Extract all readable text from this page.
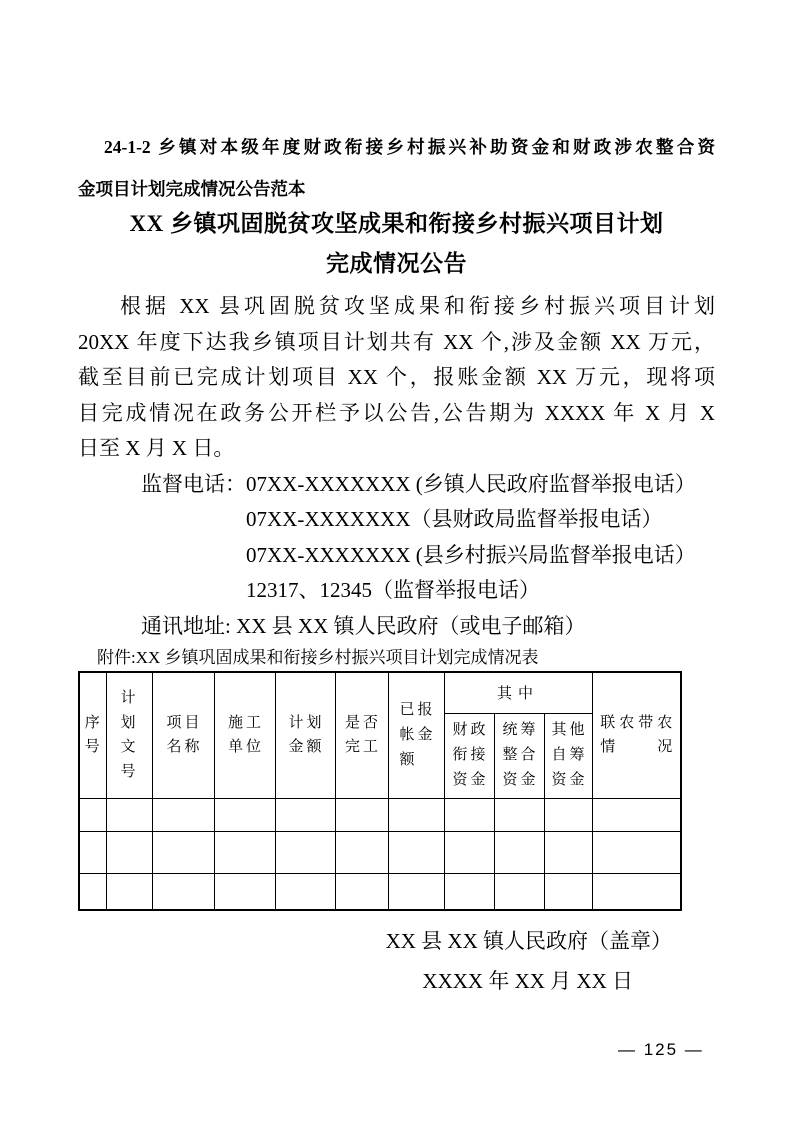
24-1-2 乡镇对本级年度财政衔接乡村振兴补助资金和财政涉农整合资
金项目计划完成情况公告范本
XX 乡镇巩固脱贫攻坚成果和衔接乡村振兴项目计划
完成情况公告
根据 XX 县巩固脱贫攻坚成果和衔接乡村振兴项目计划
20XX 年度下达我乡镇项目计划共有 XX 个,涉及金额 XX 万元，
截至目前已完成计划项目 XX 个，报账金额 XX 万元，现将项
目完成情况在政务公开栏予以公告,公告期为 XXXX 年 X 月 X
日至 X 月 X 日。
监督电话：07XX-XXXXXXX (乡镇人民政府监督举报电话）
07XX-XXXXXXX（县财政局监督举报电话）
07XX-XXXXXXX (县乡村振兴局监督举报电话）
12317、12345（监督举报电话）
通讯地址: XX 县 XX 镇人民政府（或电子邮箱）
附件:XX 乡镇巩固成果和衔接乡村振兴项目计划完成情况表
序号	计划文号	项目名称	施工单位	计划金额	是否完工	已报帐金额	其中			联农带农情况

							财政衔接资金	统筹整合资金	其他自筹资金	

XX 县 XX 镇人民政府（盖章）
XXXX 年 XX 月 XX 日
— 125 —
